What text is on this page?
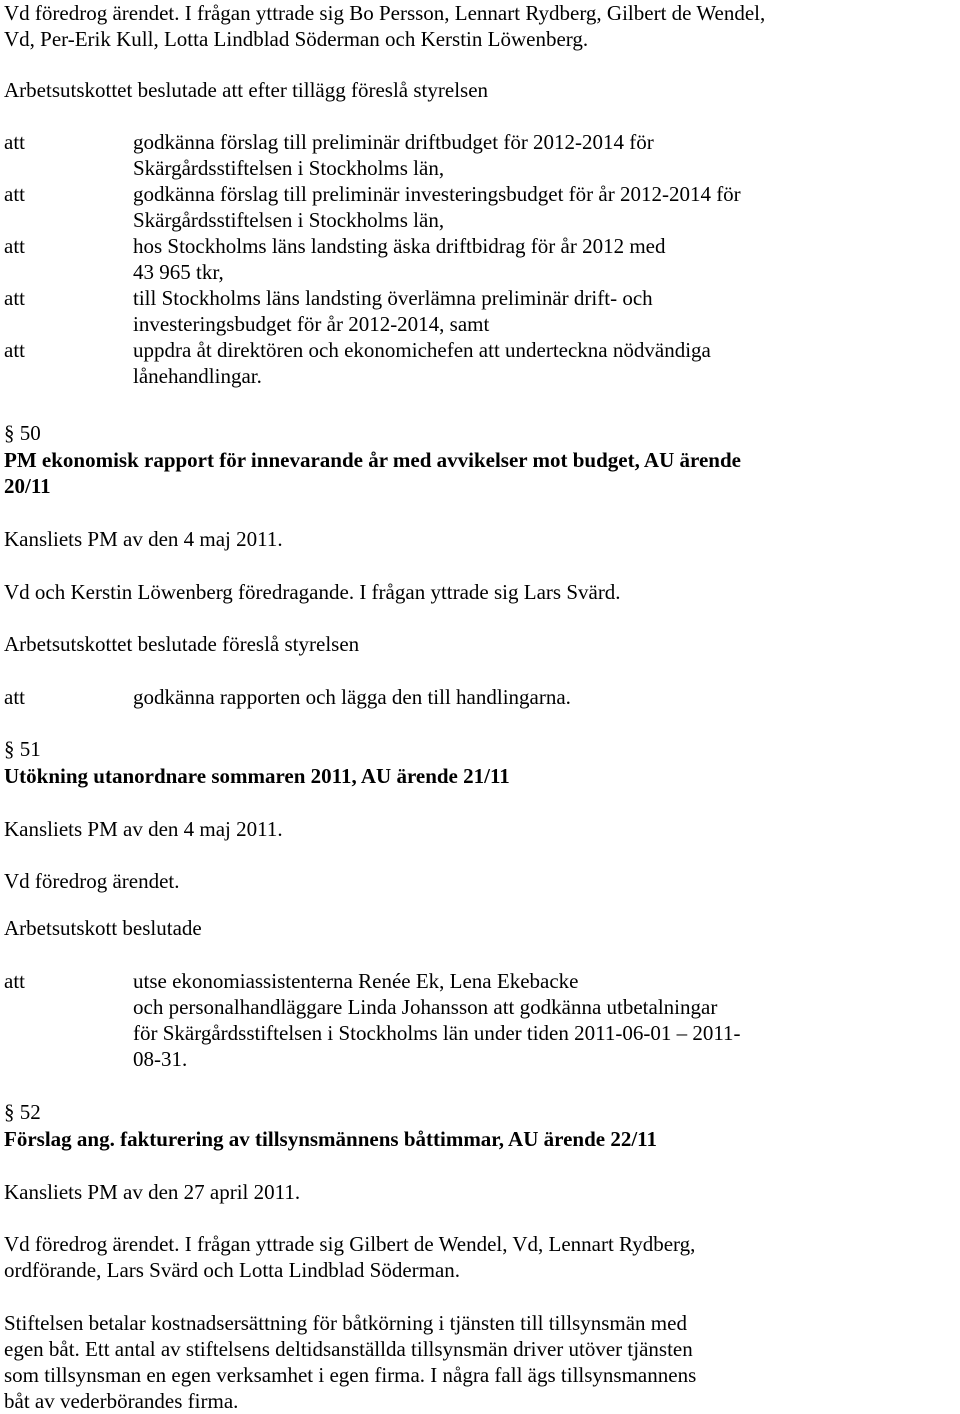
Vd föredrog ärendet. I frågan yttrade sig Bo Persson, Lennart Rydberg, Gilbert de Wendel,

Vd, Per-Erik Kull, Lotta Lindblad Söderman och Kerstin Löwenberg.

Arbetsutskottet beslutade att efter tillägg föreslå styrelsen

att	godkänna förslag till preliminär driftbudget för 2012-2014 för

Skärgårdsstiftelsen i Stockholms län,

att	godkänna förslag till preliminär investeringsbudget för år 2012-2014 för

Skärgårdsstiftelsen i Stockholms län,

att	hos Stockholms läns landsting äska driftbidrag för år 2012 med

43 965 tkr,

att	till Stockholms läns landsting överlämna preliminär drift- och

investeringsbudget för år 2012-2014, samt

att	uppdra åt direktören och ekonomichefen att underteckna nödvändiga

lånehandlingar.

§ 50

PM ekonomisk rapport för innevarande år med avvikelser mot budget, AU ärende

20/11

Kansliets PM av den 4 maj 2011.

Vd och Kerstin Löwenberg föredragande. I frågan yttrade sig Lars Svärd.

Arbetsutskottet beslutade föreslå styrelsen

att	godkänna rapporten och lägga den till handlingarna.

§ 51

Utökning utanordnare sommaren 2011, AU ärende 21/11

Kansliets PM av den 4 maj 2011.

Vd föredrog ärendet.

Arbetsutskott beslutade

att	utse ekonomiassistenterna Renée Ek, Lena Ekebacke

och personalhandläggare Linda Johansson att godkänna utbetalningar

för Skärgårdsstiftelsen i Stockholms län under tiden 2011-06-01 – 2011-

08-31.

§ 52

Förslag ang. fakturering av tillsynsmännens båttimmar, AU ärende 22/11

Kansliets PM av den 27 april 2011.

Vd föredrog ärendet. I frågan yttrade sig Gilbert de Wendel, Vd, Lennart Rydberg,

ordförande, Lars Svärd och Lotta Lindblad Söderman.

Stiftelsen betalar kostnadsersättning för båtkörning i tjänsten till tillsynsmän med

egen båt. Ett antal av stiftelsens deltidsanställda tillsynsmän driver utöver tjänsten

som tillsynsman en egen verksamhet i egen firma. I några fall ägs tillsynsmannens

båt av vederbörandes firma.
